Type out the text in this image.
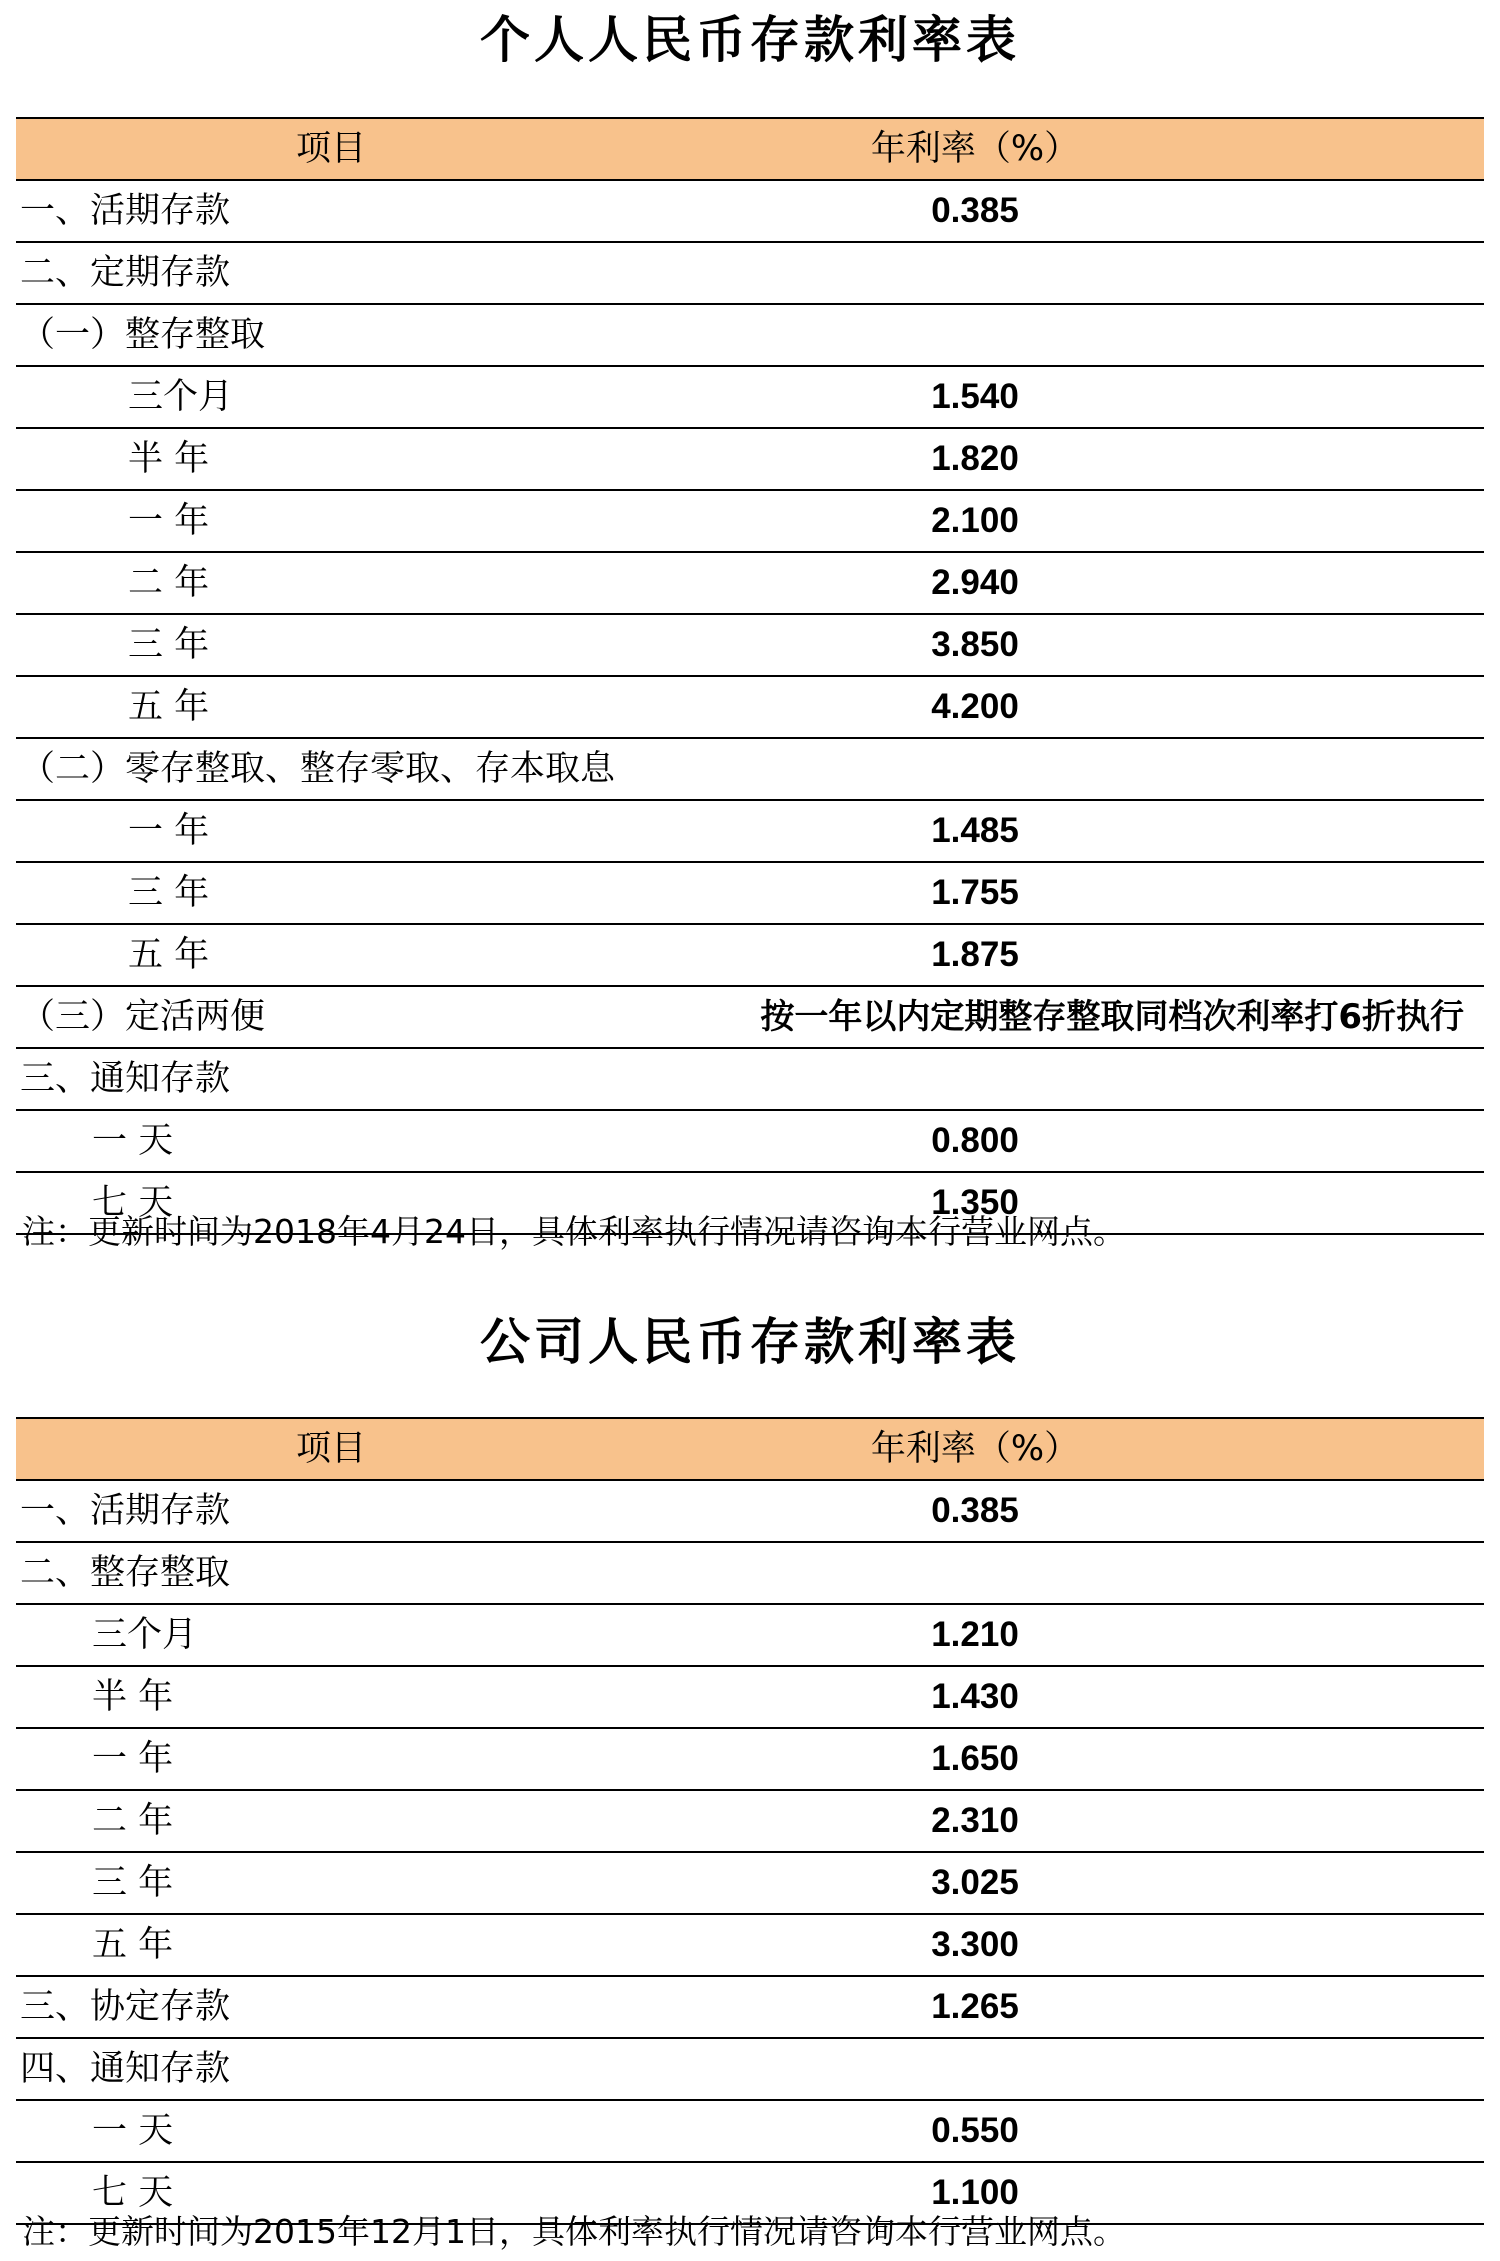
个人人民币存款利率表
项目	年利率（%）
一、活期存款	0.385
二、定期存款	
（一）整存整取	
三个月	1.540
半 年	1.820
一 年	2.100
二 年	2.940
三 年	3.850
五 年	4.200
（二）零存整取、整存零取、存本取息	
一 年	1.485
三 年	1.755
五 年	1.875
（三）定活两便	按一年以内定期整存整取同档次利率打6折执行
三、通知存款	
一 天	0.800
七 天	1.350
注：更新时间为2018年4月24日，具体利率执行情况请咨询本行营业网点。
公司人民币存款利率表
项目	年利率（%）
一、活期存款	0.385
二、整存整取	
三个月	1.210
半 年	1.430
一 年	1.650
二 年	2.310
三 年	3.025
五 年	3.300
三、协定存款	1.265
四、通知存款	
一 天	0.550
七 天	1.100
注：更新时间为2015年12月1日，具体利率执行情况请咨询本行营业网点。
